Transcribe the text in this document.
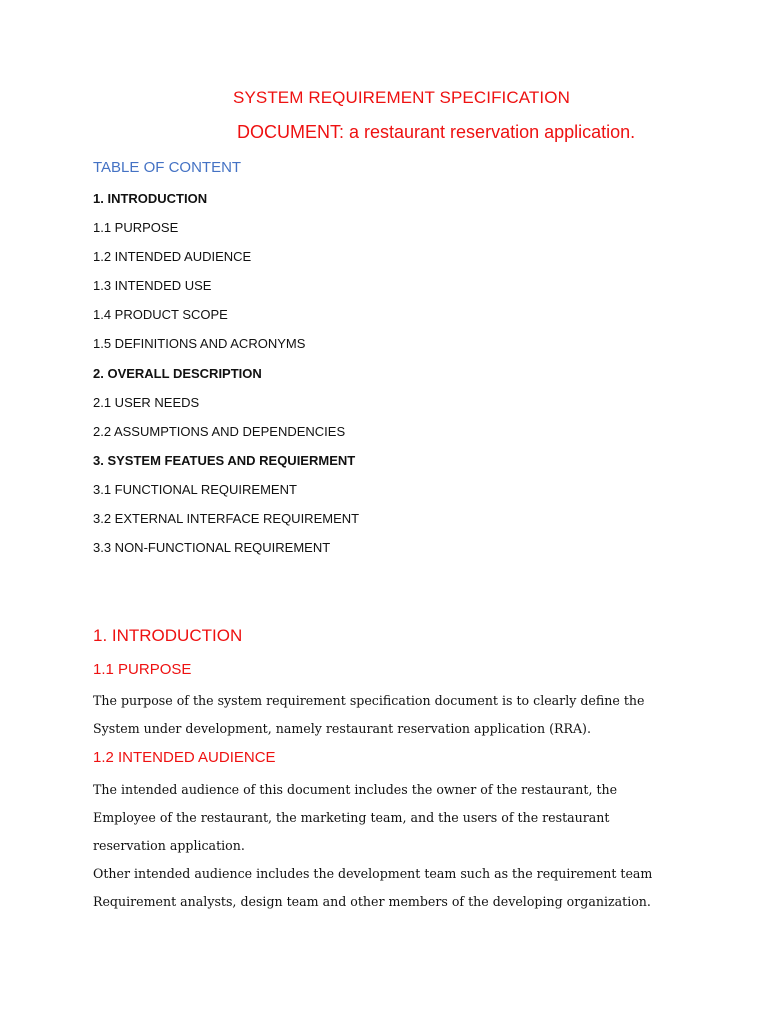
SYSTEM REQUIREMENT SPECIFICATION
DOCUMENT: a restaurant reservation application.
TABLE OF CONTENT
1. INTRODUCTION
1.1 PURPOSE
1.2 INTENDED AUDIENCE
1.3 INTENDED USE
1.4 PRODUCT SCOPE
1.5 DEFINITIONS AND ACRONYMS
2. OVERALL DESCRIPTION
2.1 USER NEEDS
2.2 ASSUMPTIONS AND DEPENDENCIES
3. SYSTEM FEATUES AND REQUIERMENT
3.1 FUNCTIONAL REQUIREMENT
3.2 EXTERNAL INTERFACE REQUIREMENT
3.3 NON-FUNCTIONAL REQUIREMENT
1. INTRODUCTION
1.1 PURPOSE

The purpose of the system requirement specification document is to clearly define the
System under development, namely restaurant reservation application (RRA).

1.2 INTENDED AUDIENCE

The intended audience of this document includes the owner of the restaurant, the
Employee of the restaurant, the marketing team, and the users of the restaurant
reservation application.
Other intended audience includes the development team such as the requirement team
Requirement analysts, design team and other members of the developing organization.
